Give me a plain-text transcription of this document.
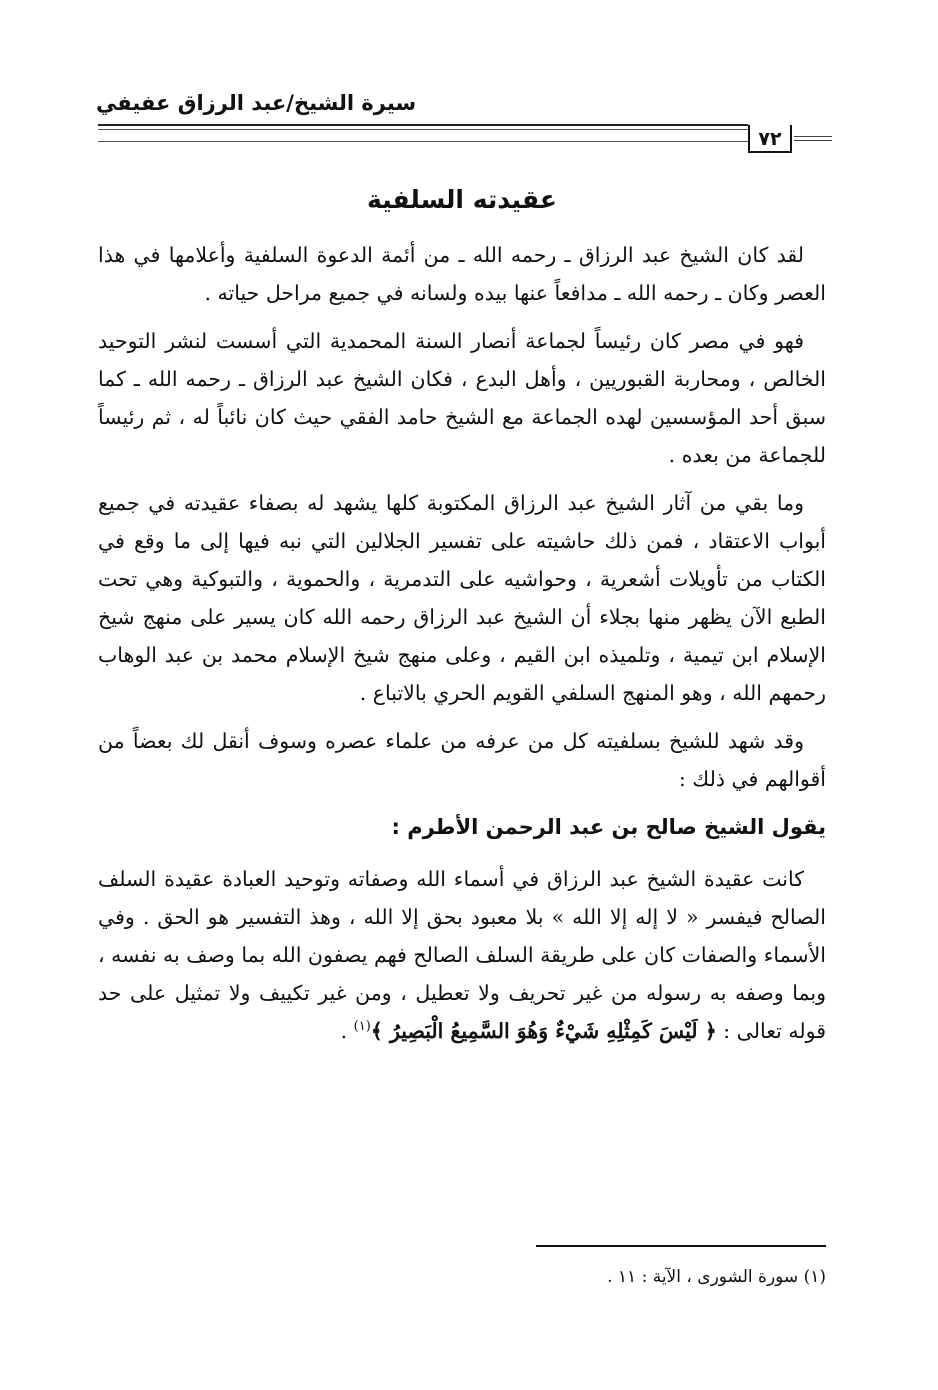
سيرة الشيخ/عبد الرزاق عفيفي
٧٢
عقيدته السلفية

لقد كان الشيخ عبد الرزاق ـ رحمه الله ـ من أئمة الدعوة السلفية وأعلامها في هذا العصر وكان ـ رحمه الله ـ مدافعاً عنها بيده ولسانه في جميع مراحل حياته .

فهو في مصر كان رئيساً لجماعة أنصار السنة المحمدية التي أسست لنشر التوحيد الخالص ، ومحاربة القبوريين ، وأهل البدع ، فكان الشيخ عبد الرزاق ـ رحمه الله ـ كما سبق أحد المؤسسين لهده الجماعة مع الشيخ حامد الفقي حيث كان نائباً له ، ثم رئيساً للجماعة من بعده .

وما بقي من آثار الشيخ عبد الرزاق المكتوبة كلها يشهد له بصفاء عقيدته في جميع أبواب الاعتقاد ، فمن ذلك حاشيته على تفسير الجلالين التي نبه فيها إلى ما وقع في الكتاب من تأويلات أشعرية ، وحواشيه على التدمرية ، والحموية ، والتبوكية وهي تحت الطبع الآن يظهر منها بجلاء أن الشيخ عبد الرزاق رحمه الله كان يسير على منهج شيخ الإسلام ابن تيمية ، وتلميذه ابن القيم ، وعلى منهج شيخ الإسلام محمد بن عبد الوهاب رحمهم الله ، وهو المنهج السلفي القويم الحري بالاتباع .

وقد شهد للشيخ بسلفيته كل من عرفه من علماء عصره وسوف أنقل لك بعضاً من أقوالهم في ذلك :

يقول الشيخ صالح بن عبد الرحمن الأطرم :

كانت عقيدة الشيخ عبد الرزاق في أسماء الله وصفاته وتوحيد العبادة عقيدة السلف الصالح فيفسر « لا إله إلا الله » بلا معبود بحق إلا الله ، وهذ التفسير هو الحق . وفي الأسماء والصفات كان على طريقة السلف الصالح فهم يصفون الله بما وصف به نفسه ، وبما وصفه به رسوله من غير تحريف ولا تعطيل ، ومن غير تكييف ولا تمثيل على حد قوله تعالى : ﴿ لَيْسَ كَمِثْلِهِ شَيْءٌ وَهُوَ السَّمِيعُ الْبَصِيرُ ﴾$^{(١)}$ .

(١) سورة الشورى ، الآية : ١١ .
